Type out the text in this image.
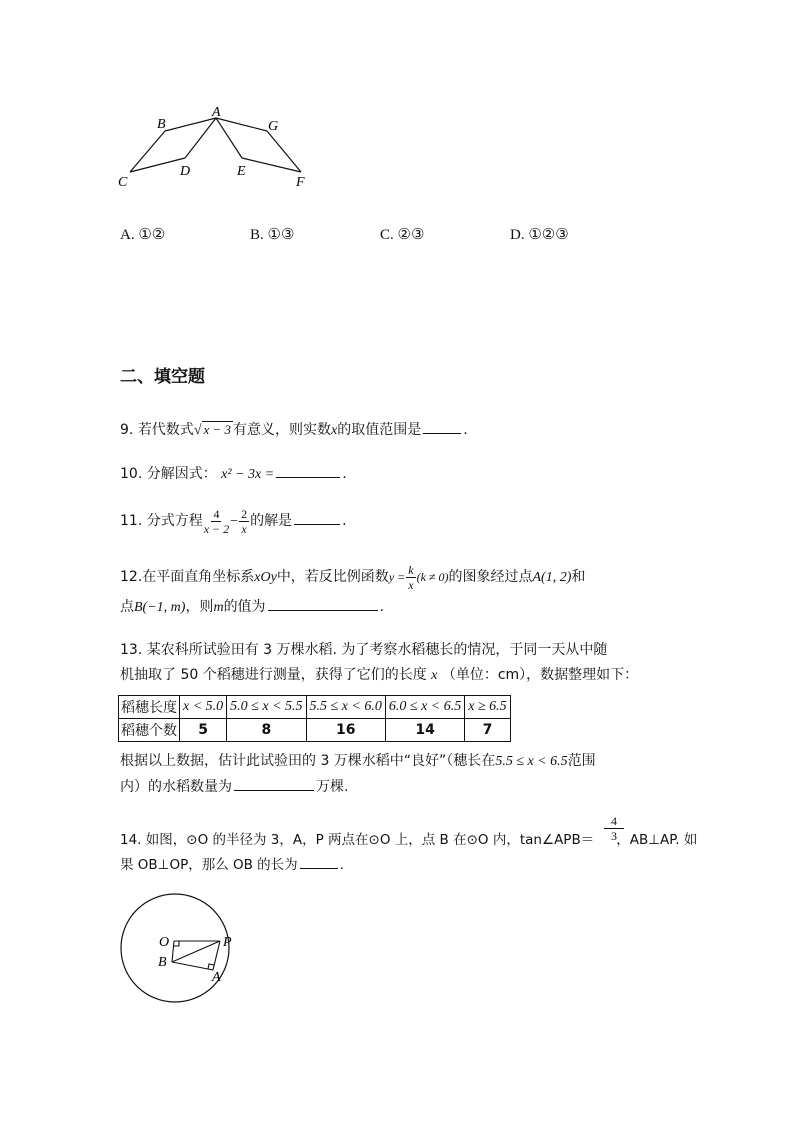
A
B
C
D	E
F
G
A. ①②	B. ①③	C. ②③	D. ①②③
二、填空题
9. 若代数式√ x − 3 有意义，则实数x的取值范围是	.
10. 分解因式： x² − 3x =	.
11. 分式方程 $\frac{4}{x - 2} - \frac{2}{x}$ 的解是	.
12.在平面直角坐标系xOy中，若反比例函数$y = \frac{k}{x} (k \ne 0)$的图象经过点A(1, 2)和
点B(−1, m)，则m的值为	.
13. 某农科所试验田有 3 万棵水稻. 为了考察水稻穗长的情况，于同一天从中随
机抽取了 50 个稻穗进行测量，获得了它们的长度 x （单位：cm），数据整理如下：
稻穗长度	x < 5.0	5.0 ≤ x < 5.5	5.5 ≤ x < 6.0	6.0 ≤ x < 6.5	x ≥ 6.5
稻穗个数	5	8	16	14	7
根据以上数据，估计此试验田的 3 万棵水稻中“良好”（穗长在5.5 ≤ x < 6.5范围
内）的水稻数量为	万棵.
$\frac{4}{3}$
14. 如图，⊙O 的半径为 3，A，P 两点在⊙O 上，点 B 在⊙O 内，tan∠APB＝ ，AB⊥AP. 如
果 OB⊥OP，那么 OB 的长为	.
O	P
B
A
